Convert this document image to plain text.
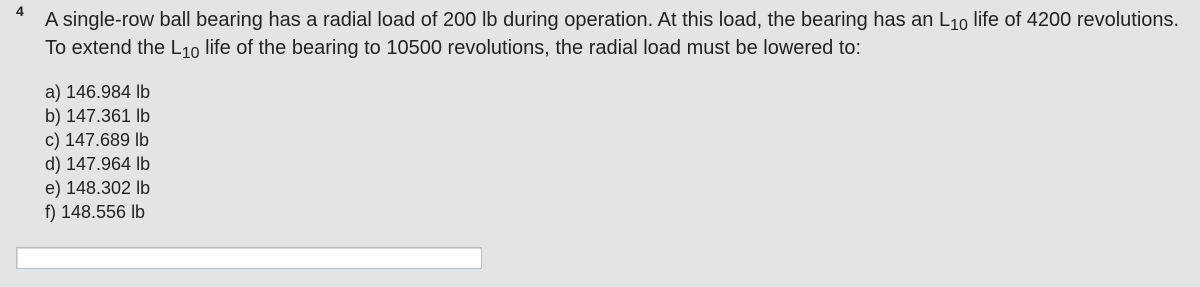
4 A single-row ball bearing has a radial load of 200 lb during operation. At this load, the bearing has an $L_{10}$ life of 4200 revolutions. To extend the $L_{10}$ life of the bearing to 10500 revolutions, the radial load must be lowered to:
a) 146.984 lb
b) 147.361 lb
c) 147.689 lb
d) 147.964 lb
e) 148.302 lb
f) 148.556 lb
